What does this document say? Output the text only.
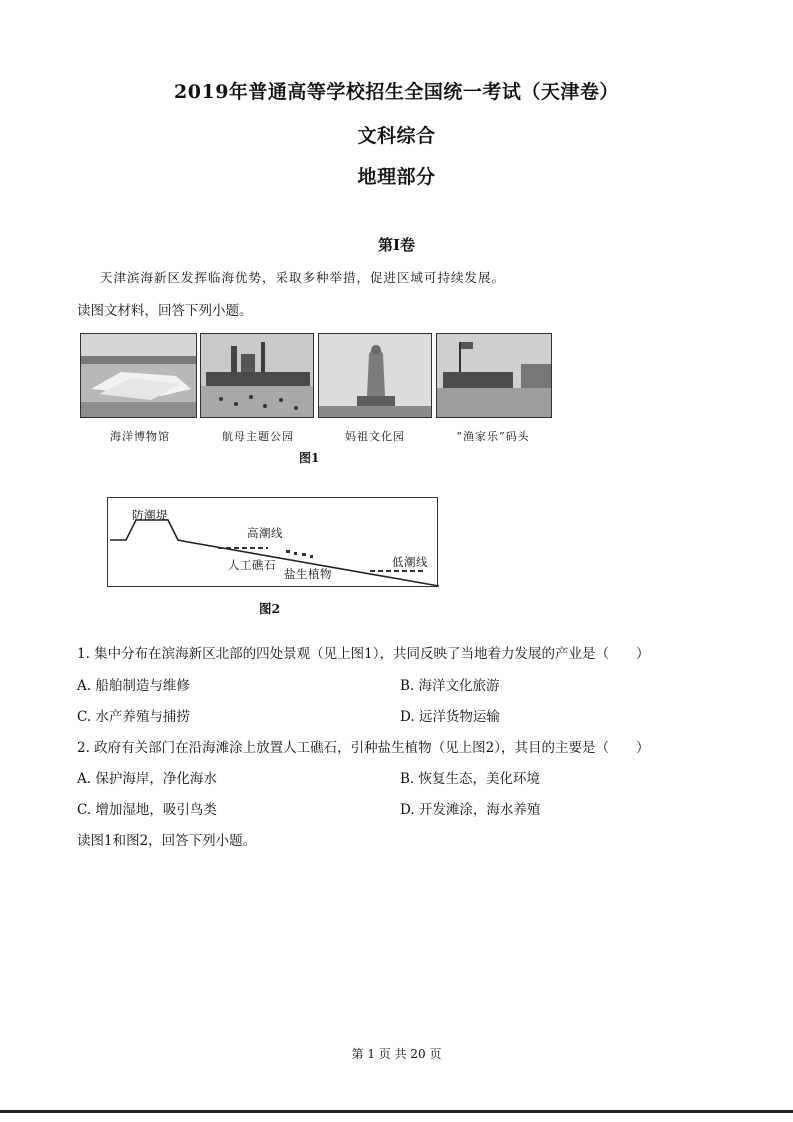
2019年普通高等学校招生全国统一考试（天津卷）
文科综合
地理部分
第I卷
天津滨海新区发挥临海优势，采取多种举措，促进区域可持续发展。
读图文材料，回答下列小题。
海洋博物馆	航母主题公园	妈祖文化园	“渔家乐”码头
图1
防潮堤
高潮线
人工礁石
盐生植物
低潮线
图2
1. 集中分布在滨海新区北部的四处景观（见上图1），共同反映了当地着力发展的产业是（　　）
A. 船舶制造与维修	B. 海洋文化旅游
C. 水产养殖与捕捞	D. 远洋货物运输
2. 政府有关部门在沿海滩涂上放置人工礁石，引种盐生植物（见上图2），其目的主要是（　　）
A. 保护海岸，净化海水	B. 恢复生态，美化环境
C. 增加湿地，吸引鸟类	D. 开发滩涂，海水养殖
读图1和图2，回答下列小题。
第 1 页 共 20 页
